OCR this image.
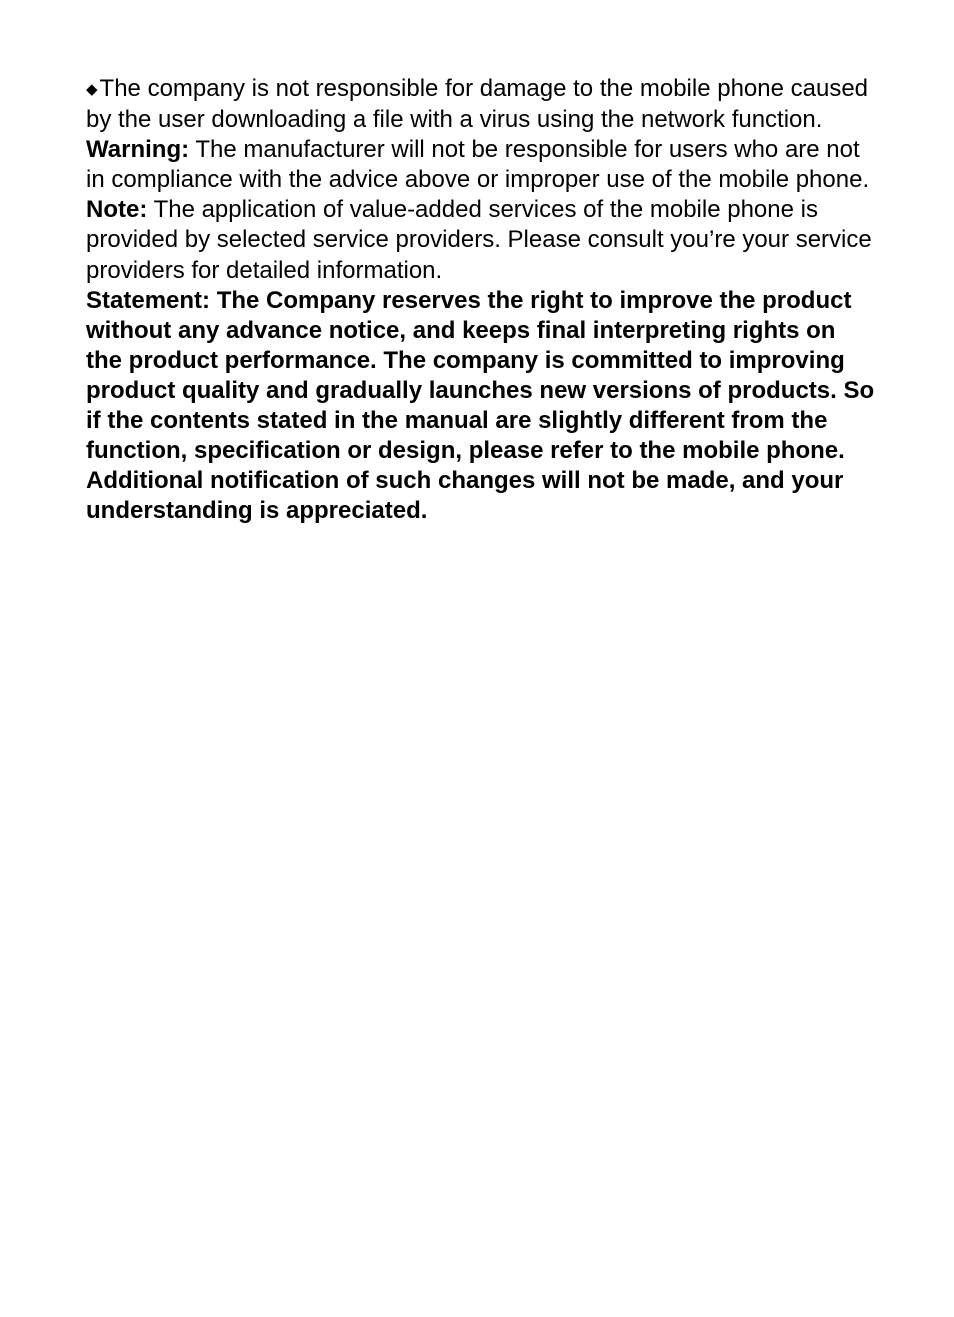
◆The company is not responsible for damage to the mobile phone caused by the user downloading a file with a virus using the network function.

Warning: The manufacturer will not be responsible for users who are not in compliance with the advice above or improper use of the mobile phone.

Note: The application of value-added services of the mobile phone is provided by selected service providers. Please consult you’re your service providers for detailed information.

Statement: The Company reserves the right to improve the product without any advance notice, and keeps final interpreting rights on the product performance. The company is committed to improving product quality and gradually launches new versions of products. So if the contents stated in the manual are slightly different from the function, specification or design, please refer to the mobile phone. Additional notification of such changes will not be made, and your understanding is appreciated.
